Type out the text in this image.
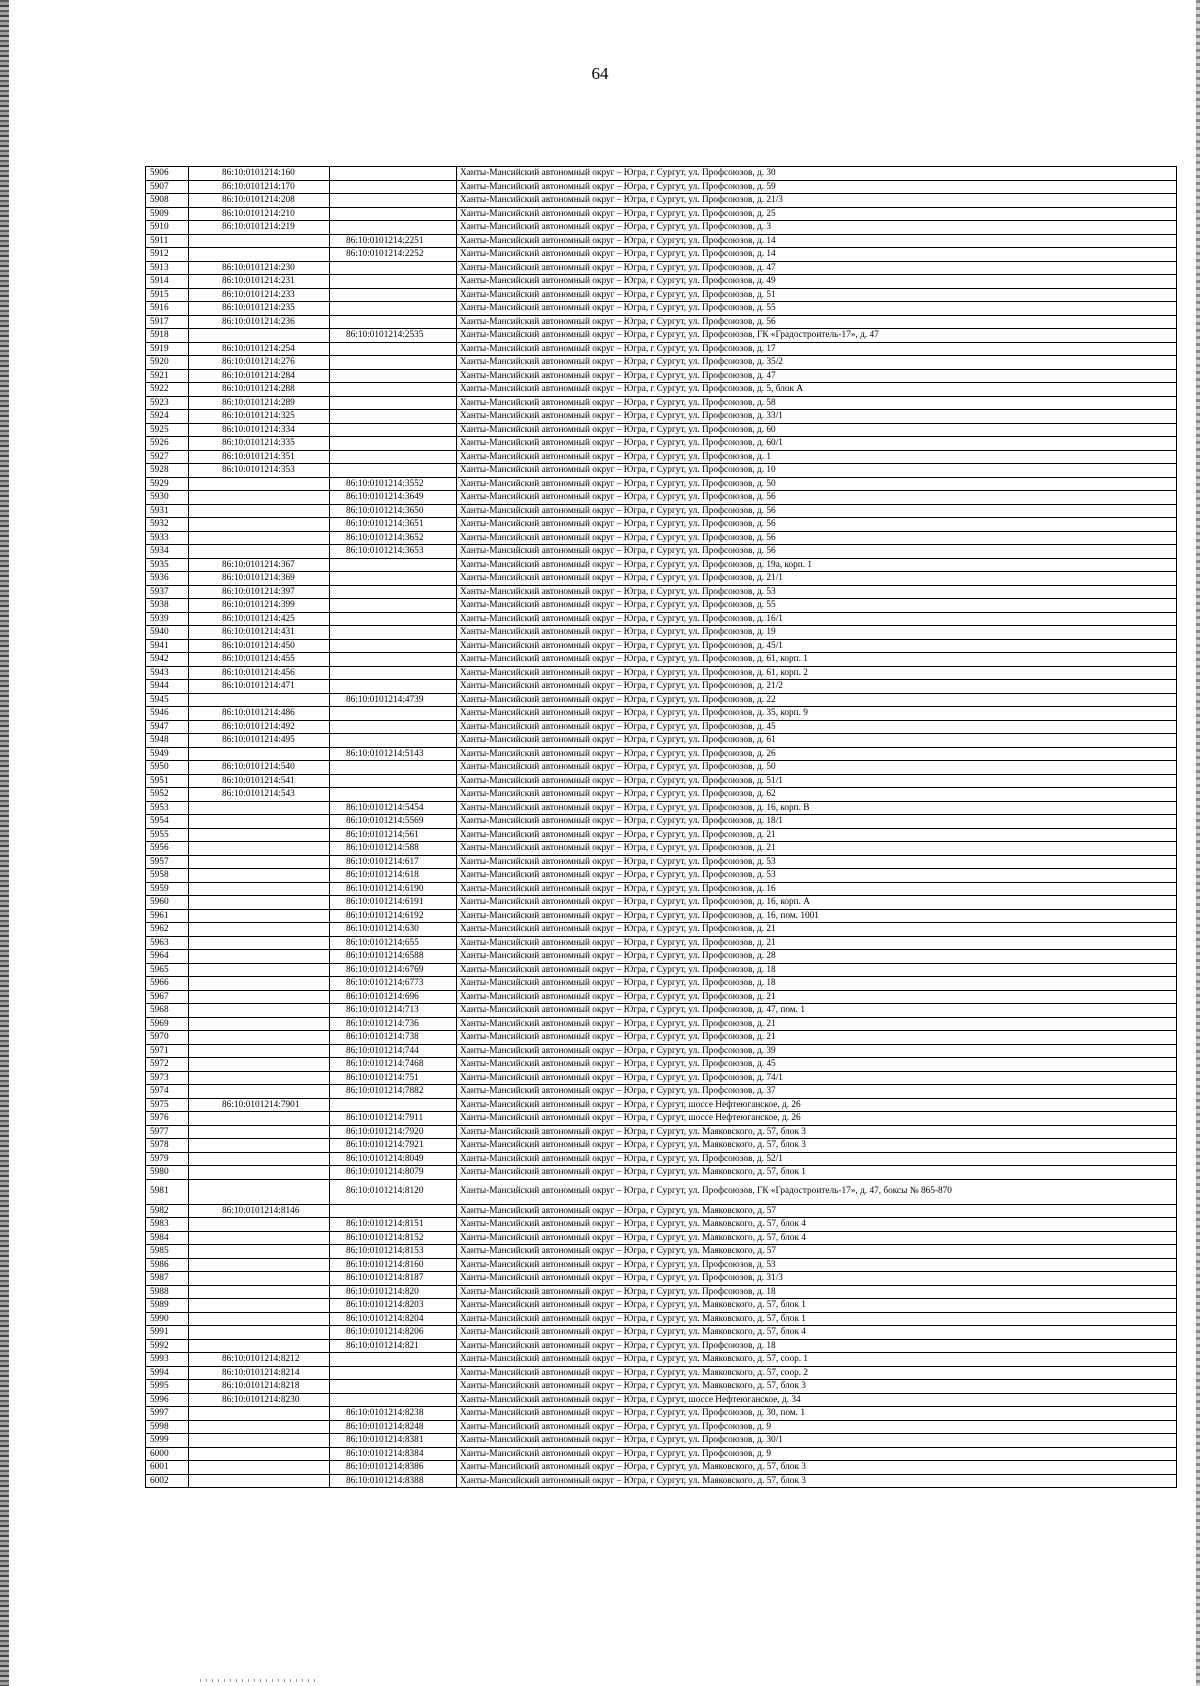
64
5906	86:10:0101214:160		Ханты-Мансийский автономный округ – Югра, г Сургут, ул. Профсоюзов, д. 30
5907	86:10:0101214:170		Ханты-Мансийский автономный округ – Югра, г Сургут, ул. Профсоюзов, д. 59
5908	86:10:0101214:208		Ханты-Мансийский автономный округ – Югра, г Сургут, ул. Профсоюзов, д. 21/3
5909	86:10:0101214:210		Ханты-Мансийский автономный округ – Югра, г Сургут, ул. Профсоюзов, д. 25
5910	86:10:0101214:219		Ханты-Мансийский автономный округ – Югра, г Сургут, ул. Профсоюзов, д. 3
5911		86:10:0101214:2251	Ханты-Мансийский автономный округ – Югра, г Сургут, ул. Профсоюзов, д. 14
5912		86:10:0101214:2252	Ханты-Мансийский автономный округ – Югра, г Сургут, ул. Профсоюзов, д. 14
5913	86:10:0101214:230		Ханты-Мансийский автономный округ – Югра, г Сургут, ул. Профсоюзов, д. 47
5914	86:10:0101214:231		Ханты-Мансийский автономный округ – Югра, г Сургут, ул. Профсоюзов, д. 49
5915	86:10:0101214:233		Ханты-Мансийский автономный округ – Югра, г Сургут, ул. Профсоюзов, д. 51
5916	86:10:0101214:235		Ханты-Мансийский автономный округ – Югра, г Сургут, ул. Профсоюзов, д. 55
5917	86:10:0101214:236		Ханты-Мансийский автономный округ – Югра, г Сургут, ул. Профсоюзов, д. 56
5918		86:10:0101214:2535	Ханты-Мансийский автономный округ – Югра, г Сургут, ул. Профсоюзов, ГК «Градостроитель-17», д. 47
5919	86:10:0101214:254		Ханты-Мансийский автономный округ – Югра, г Сургут, ул. Профсоюзов, д. 17
5920	86:10:0101214:276		Ханты-Мансийский автономный округ – Югра, г Сургут, ул. Профсоюзов, д. 35/2
5921	86:10:0101214:284		Ханты-Мансийский автономный округ – Югра, г Сургут, ул. Профсоюзов, д. 47
5922	86:10:0101214:288		Ханты-Мансийский автономный округ – Югра, г Сургут, ул. Профсоюзов, д. 5, блок А
5923	86:10:0101214:289		Ханты-Мансийский автономный округ – Югра, г Сургут, ул. Профсоюзов, д. 58
5924	86:10:0101214:325		Ханты-Мансийский автономный округ – Югра, г Сургут, ул. Профсоюзов, д. 33/1
5925	86:10:0101214:334		Ханты-Мансийский автономный округ – Югра, г Сургут, ул. Профсоюзов, д. 60
5926	86:10:0101214:335		Ханты-Мансийский автономный округ – Югра, г Сургут, ул. Профсоюзов, д. 60/1
5927	86:10:0101214:351		Ханты-Мансийский автономный округ – Югра, г Сургут, ул. Профсоюзов, д. 1
5928	86:10:0101214:353		Ханты-Мансийский автономный округ – Югра, г Сургут, ул. Профсоюзов, д. 10
5929		86:10:0101214:3552	Ханты-Мансийский автономный округ – Югра, г Сургут, ул. Профсоюзов, д. 50
5930		86:10:0101214:3649	Ханты-Мансийский автономный округ – Югра, г Сургут, ул. Профсоюзов, д. 56
5931		86:10:0101214:3650	Ханты-Мансийский автономный округ – Югра, г Сургут, ул. Профсоюзов, д. 56
5932		86:10:0101214:3651	Ханты-Мансийский автономный округ – Югра, г Сургут, ул. Профсоюзов, д. 56
5933		86:10:0101214:3652	Ханты-Мансийский автономный округ – Югра, г Сургут, ул. Профсоюзов, д. 56
5934		86:10:0101214:3653	Ханты-Мансийский автономный округ – Югра, г Сургут, ул. Профсоюзов, д. 56
5935	86:10:0101214:367		Ханты-Мансийский автономный округ – Югра, г Сургут, ул. Профсоюзов, д. 19а, корп. 1
5936	86:10:0101214:369		Ханты-Мансийский автономный округ – Югра, г Сургут, ул. Профсоюзов, д. 21/1
5937	86:10:0101214:397		Ханты-Мансийский автономный округ – Югра, г Сургут, ул. Профсоюзов, д. 53
5938	86:10:0101214:399		Ханты-Мансийский автономный округ – Югра, г Сургут, ул. Профсоюзов, д. 55
5939	86:10:0101214:425		Ханты-Мансийский автономный округ – Югра, г Сургут, ул. Профсоюзов, д. 16/1
5940	86:10:0101214:431		Ханты-Мансийский автономный округ – Югра, г Сургут, ул. Профсоюзов, д. 19
5941	86:10:0101214:450		Ханты-Мансийский автономный округ – Югра, г Сургут, ул. Профсоюзов, д. 45/1
5942	86:10:0101214:455		Ханты-Мансийский автономный округ – Югра, г Сургут, ул. Профсоюзов, д. 61, корп. 1
5943	86:10:0101214:456		Ханты-Мансийский автономный округ – Югра, г Сургут, ул. Профсоюзов, д. 61, корп. 2
5944	86:10:0101214:471		Ханты-Мансийский автономный округ – Югра, г Сургут, ул. Профсоюзов, д. 21/2
5945		86:10:0101214:4739	Ханты-Мансийский автономный округ – Югра, г Сургут, ул. Профсоюзов, д. 22
5946	86:10:0101214:486		Ханты-Мансийский автономный округ – Югра, г Сургут, ул. Профсоюзов, д. 35, корп. 9
5947	86:10:0101214:492		Ханты-Мансийский автономный округ – Югра, г Сургут, ул. Профсоюзов, д. 45
5948	86:10:0101214:495		Ханты-Мансийский автономный округ – Югра, г Сургут, ул. Профсоюзов, д. 61
5949		86:10:0101214:5143	Ханты-Мансийский автономный округ – Югра, г Сургут, ул. Профсоюзов, д. 26
5950	86:10:0101214:540		Ханты-Мансийский автономный округ – Югра, г Сургут, ул. Профсоюзов, д. 50
5951	86:10:0101214:541		Ханты-Мансийский автономный округ – Югра, г Сургут, ул. Профсоюзов, д. 51/1
5952	86:10:0101214:543		Ханты-Мансийский автономный округ – Югра, г Сургут, ул. Профсоюзов, д. 62
5953		86:10:0101214:5454	Ханты-Мансийский автономный округ – Югра, г Сургут, ул. Профсоюзов, д. 16, корп. В
5954		86:10:0101214:5569	Ханты-Мансийский автономный округ – Югра, г Сургут, ул. Профсоюзов, д. 18/1
5955		86:10:0101214:561	Ханты-Мансийский автономный округ – Югра, г Сургут, ул. Профсоюзов, д. 21
5956		86:10:0101214:588	Ханты-Мансийский автономный округ – Югра, г Сургут, ул. Профсоюзов, д. 21
5957		86:10:0101214:617	Ханты-Мансийский автономный округ – Югра, г Сургут, ул. Профсоюзов, д. 53
5958		86:10:0101214:618	Ханты-Мансийский автономный округ – Югра, г Сургут, ул. Профсоюзов, д. 53
5959		86:10:0101214:6190	Ханты-Мансийский автономный округ – Югра, г Сургут, ул. Профсоюзов, д. 16
5960		86:10:0101214:6191	Ханты-Мансийский автономный округ – Югра, г Сургут, ул. Профсоюзов, д. 16, корп. А
5961		86:10:0101214:6192	Ханты-Мансийский автономный округ – Югра, г Сургут, ул. Профсоюзов, д. 16, пом. 1001
5962		86:10:0101214:630	Ханты-Мансийский автономный округ – Югра, г Сургут, ул. Профсоюзов, д. 21
5963		86:10:0101214:655	Ханты-Мансийский автономный округ – Югра, г Сургут, ул. Профсоюзов, д. 21
5964		86:10:0101214:6588	Ханты-Мансийский автономный округ – Югра, г Сургут, ул. Профсоюзов, д. 28
5965		86:10:0101214:6769	Ханты-Мансийский автономный округ – Югра, г Сургут, ул. Профсоюзов, д. 18
5966		86:10:0101214:6773	Ханты-Мансийский автономный округ – Югра, г Сургут, ул. Профсоюзов, д. 18
5967		86:10:0101214:696	Ханты-Мансийский автономный округ – Югра, г Сургут, ул. Профсоюзов, д. 21
5968		86:10:0101214:713	Ханты-Мансийский автономный округ – Югра, г Сургут, ул. Профсоюзов, д. 47, пом. 1
5969		86:10:0101214:736	Ханты-Мансийский автономный округ – Югра, г Сургут, ул. Профсоюзов, д. 21
5970		86:10:0101214:738	Ханты-Мансийский автономный округ – Югра, г Сургут, ул. Профсоюзов, д. 21
5971		86:10:0101214:744	Ханты-Мансийский автономный округ – Югра, г Сургут, ул. Профсоюзов, д. 39
5972		86:10:0101214:7468	Ханты-Мансийский автономный округ – Югра, г Сургут, ул. Профсоюзов, д. 45
5973		86:10:0101214:751	Ханты-Мансийский автономный округ – Югра, г Сургут, ул. Профсоюзов, д. 74/1
5974		86:10:0101214:7882	Ханты-Мансийский автономный округ – Югра, г Сургут, ул. Профсоюзов, д. 37
5975	86:10:0101214:7901		Ханты-Мансийский автономный округ – Югра, г Сургут, шоссе Нефтеюганское, д. 26
5976		86:10:0101214:7911	Ханты-Мансийский автономный округ – Югра, г Сургут, шоссе Нефтеюганское, д. 26
5977		86:10:0101214:7920	Ханты-Мансийский автономный округ – Югра, г Сургут, ул. Маяковского, д. 57, блок 3
5978		86:10:0101214:7921	Ханты-Мансийский автономный округ – Югра, г Сургут, ул. Маяковского, д. 57, блок 3
5979		86:10:0101214:8049	Ханты-Мансийский автономный округ – Югра, г Сургут, ул. Профсоюзов, д. 52/1
5980		86:10:0101214:8079	Ханты-Мансийский автономный округ – Югра, г Сургут, ул. Маяковского, д. 57, блок 1
5981		86:10:0101214:8120	Ханты-Мансийский автономный округ – Югра, г Сургут, ул. Профсоюзов, ГК «Градостроитель-17», д. 47, боксы № 865-870
5982	86:10:0101214:8146		Ханты-Мансийский автономный округ – Югра, г Сургут, ул. Маяковского, д. 57
5983		86:10:0101214:8151	Ханты-Мансийский автономный округ – Югра, г Сургут, ул. Маяковского, д. 57, блок 4
5984		86:10:0101214:8152	Ханты-Мансийский автономный округ – Югра, г Сургут, ул. Маяковского, д. 57, блок 4
5985		86:10:0101214:8153	Ханты-Мансийский автономный округ – Югра, г Сургут, ул. Маяковского, д. 57
5986		86:10:0101214:8160	Ханты-Мансийский автономный округ – Югра, г Сургут, ул. Профсоюзов, д. 53
5987		86:10:0101214:8187	Ханты-Мансийский автономный округ – Югра, г Сургут, ул. Профсоюзов, д. 31/3
5988		86:10:0101214:820	Ханты-Мансийский автономный округ – Югра, г Сургут, ул. Профсоюзов, д. 18
5989		86:10:0101214:8203	Ханты-Мансийский автономный округ – Югра, г Сургут, ул. Маяковского, д. 57, блок 1
5990		86:10:0101214:8204	Ханты-Мансийский автономный округ – Югра, г Сургут, ул. Маяковского, д. 57, блок 1
5991		86:10:0101214:8206	Ханты-Мансийский автономный округ – Югра, г Сургут, ул. Маяковского, д. 57, блок 4
5992		86:10:0101214:821	Ханты-Мансийский автономный округ – Югра, г Сургут, ул. Профсоюзов, д. 18
5993	86:10:0101214:8212		Ханты-Мансийский автономный округ – Югра, г Сургут, ул. Маяковского, д. 57, соор. 1
5994	86:10:0101214:8214		Ханты-Мансийский автономный округ – Югра, г Сургут, ул. Маяковского, д. 57, соор. 2
5995	86:10:0101214:8218		Ханты-Мансийский автономный округ – Югра, г Сургут, ул. Маяковского, д. 57, блок 3
5996	86:10:0101214:8230		Ханты-Мансийский автономный округ – Югра, г Сургут, шоссе Нефтеюганское, д. 34
5997		86:10:0101214:8238	Ханты-Мансийский автономный округ – Югра, г Сургут, ул. Профсоюзов, д. 30, пом. 1
5998		86:10:0101214:8248	Ханты-Мансийский автономный округ – Югра, г Сургут, ул. Профсоюзов, д. 9
5999		86:10:0101214:8381	Ханты-Мансийский автономный округ – Югра, г Сургут, ул. Профсоюзов, д. 30/1
6000		86:10:0101214:8384	Ханты-Мансийский автономный округ – Югра, г Сургут, ул. Профсоюзов, д. 9
6001		86:10:0101214:8386	Ханты-Мансийский автономный округ – Югра, г Сургут, ул. Маяковского, д. 57, блок 3
6002		86:10:0101214:8388	Ханты-Мансийский автономный округ – Югра, г Сургут, ул. Маяковского, д. 57, блок 3
